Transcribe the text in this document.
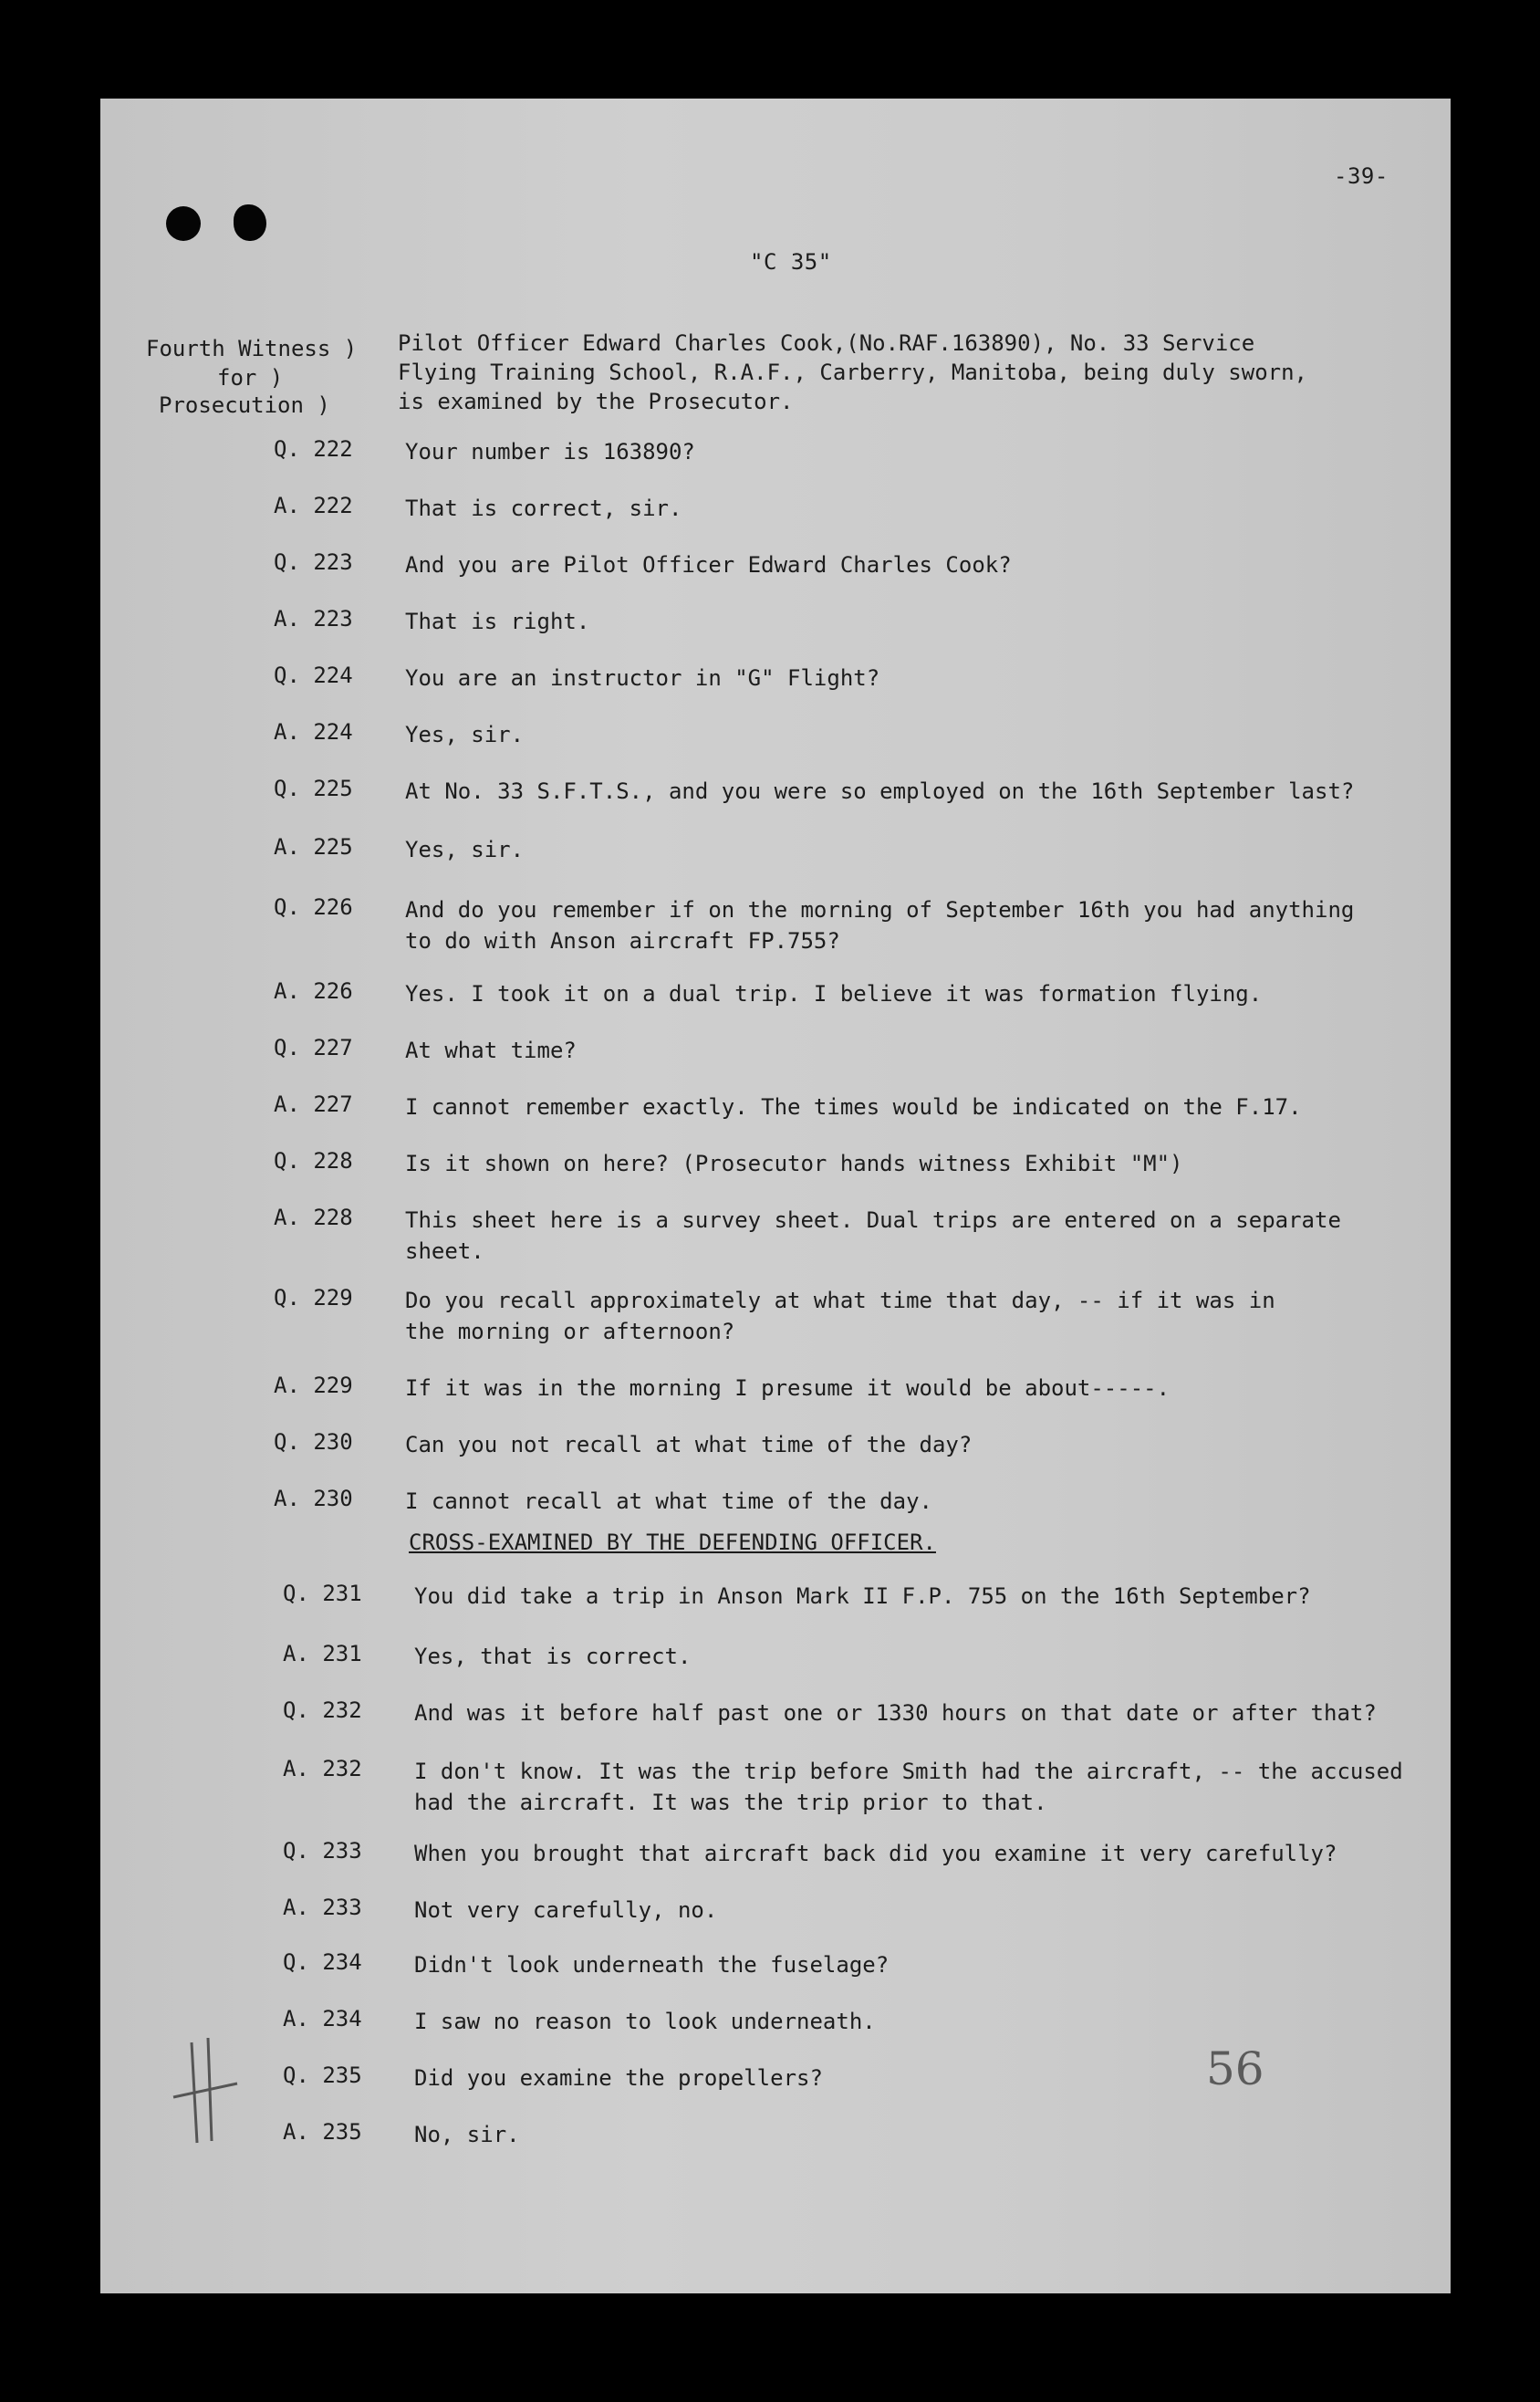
-39-
"C 35"
Fourth Witness )
for )
Prosecution )
Pilot Officer Edward Charles Cook,(No.RAF.163890), No. 33 Service
Flying Training School, R.A.F., Carberry, Manitoba, being duly sworn,
is examined by the Prosecutor.
Q. 222 Your number is 163890?
A. 222 That is correct, sir.
Q. 223 And you are Pilot Officer Edward Charles Cook?
A. 223 That is right.
Q. 224 You are an instructor in "G" Flight?
A. 224 Yes, sir.
Q. 225 At No. 33 S.F.T.S., and you were so employed on the 16th September last?
A. 225 Yes, sir.
Q. 226 And do you remember if on the morning of September 16th you had anything
to do with Anson aircraft FP.755?
A. 226 Yes. I took it on a dual trip. I believe it was formation flying.
Q. 227 At what time?
A. 227 I cannot remember exactly. The times would be indicated on the F.17.
Q. 228 Is it shown on here? (Prosecutor hands witness Exhibit "M")
A. 228 This sheet here is a survey sheet. Dual trips are entered on a separate
sheet.
Q. 229 Do you recall approximately at what time that day, -- if it was in
the morning or afternoon?
A. 229 If it was in the morning I presume it would be about-----.
Q. 230 Can you not recall at what time of the day?
A. 230 I cannot recall at what time of the day.
Q. 231 You did take a trip in Anson Mark II F.P. 755 on the 16th September?
A. 231 Yes, that is correct.
Q. 232 And was it before half past one or 1330 hours on that date or after that?
A. 232 I don't know. It was the trip before Smith had the aircraft, -- the accused
had the aircraft. It was the trip prior to that.
Q. 233 When you brought that aircraft back did you examine it very carefully?
A. 233 Not very carefully, no.
Q. 234 Didn't look underneath the fuselage?
A. 234 I saw no reason to look underneath.
Q. 235 Did you examine the propellers?
A. 235 No, sir.
CROSS-EXAMINED BY THE DEFENDING OFFICER.
56
